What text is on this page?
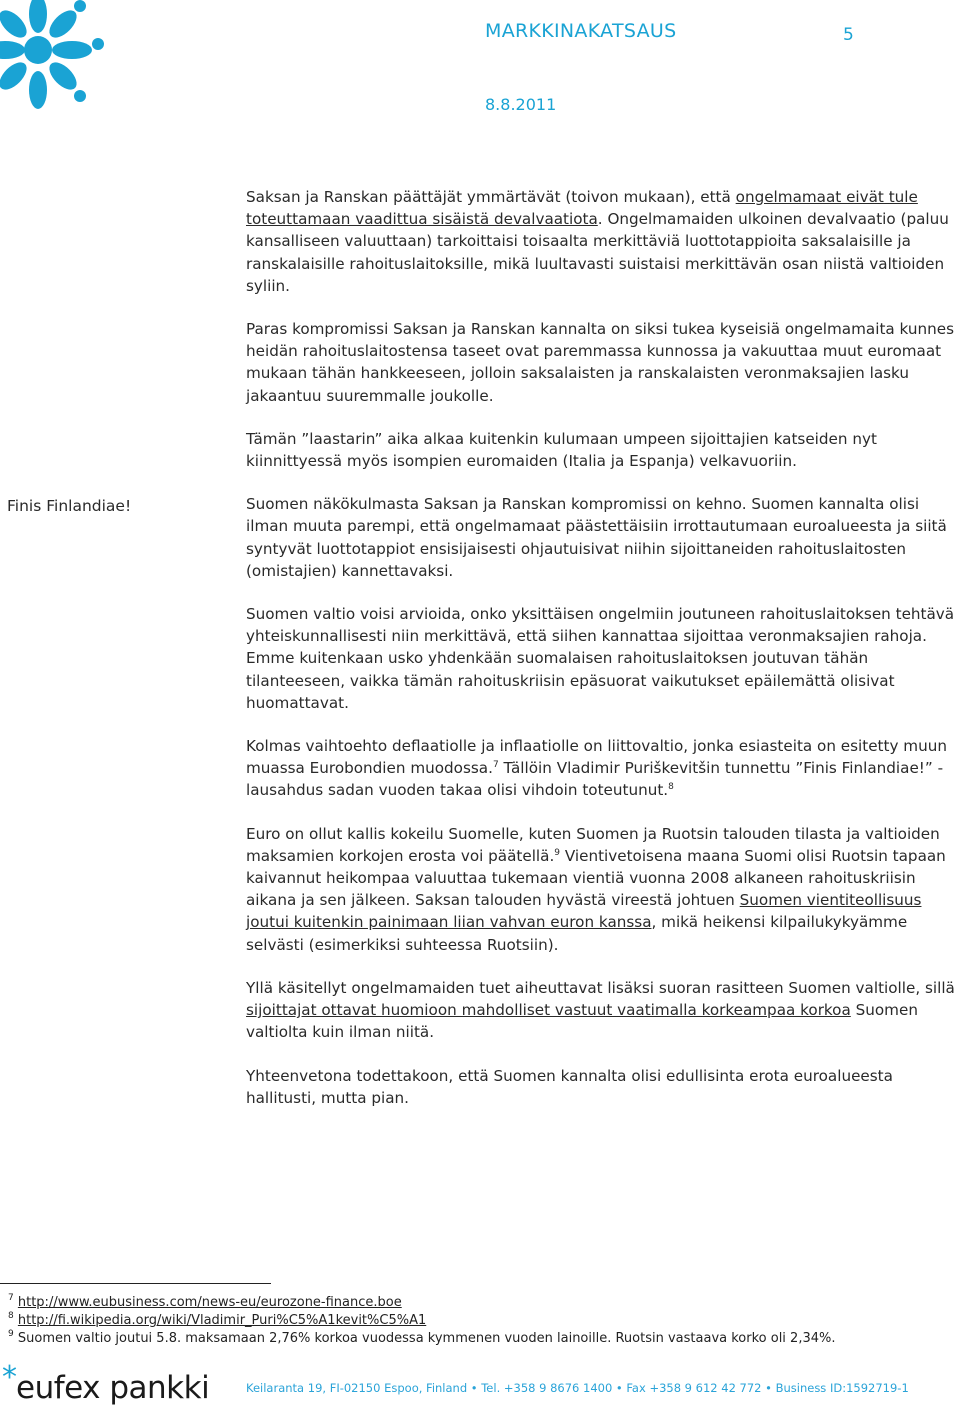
MARKKINAKATSAUS	5
8.8.2011
Finis Finlandiae!

Saksan ja Ranskan päättäjät ymmärtävät (toivon mukaan), että ongelmamaat eivät tule toteuttamaan vaadittua sisäistä devalvaatiota. Ongelmamaiden ulkoinen devalvaatio (paluu kansalliseen valuuttaan) tarkoittaisi toisaalta merkittäviä luottotappioita saksalaisille ja ranskalaisille rahoituslaitoksille, mikä luultavasti suistaisi merkittävän osan niistä valtioiden syliin.

Paras kompromissi Saksan ja Ranskan kannalta on siksi tukea kyseisiä ongelmamaita kunnes heidän rahoituslaitostensa taseet ovat paremmassa kunnossa ja vakuuttaa muut euromaat mukaan tähän hankkeeseen, jolloin saksalaisten ja ranskalaisten veronmaksajien lasku jakaantuu suuremmalle joukolle.

Tämän ”laastarin” aika alkaa kuitenkin kulumaan umpeen sijoittajien katseiden nyt kiinnittyessä myös isompien euromaiden (Italia ja Espanja) velkavuoriin.

Suomen näkökulmasta Saksan ja Ranskan kompromissi on kehno. Suomen kannalta olisi ilman muuta parempi, että ongelmamaat päästettäisiin irrottautumaan euroalueesta ja siitä syntyvät luottotappiot ensisijaisesti ohjautuisivat niihin sijoittaneiden rahoituslaitosten (omistajien) kannettavaksi.

Suomen valtio voisi arvioida, onko yksittäisen ongelmiin joutuneen rahoituslaitoksen tehtävä yhteiskunnallisesti niin merkittävä, että siihen kannattaa sijoittaa veronmaksajien rahoja. Emme kuitenkaan usko yhdenkään suomalaisen rahoituslaitoksen joutuvan tähän tilanteeseen, vaikka tämän rahoituskriisin epäsuorat vaikutukset epäilemättä olisivat huomattavat.

Kolmas vaihtoehto deflaatiolle ja inflaatiolle on liittovaltio, jonka esiasteita on esitetty muun muassa Eurobondien muodossa.$^7$ Tällöin Vladimir Puriškevitšin tunnettu ”Finis Finlandiae!” -lausahdus sadan vuoden takaa olisi vihdoin toteutunut.$^8$

Euro on ollut kallis kokeilu Suomelle, kuten Suomen ja Ruotsin talouden tilasta ja valtioiden maksamien korkojen erosta voi päätellä.$^9$ Vientivetoisena maana Suomi olisi Ruotsin tapaan kaivannut heikompaa valuuttaa tukemaan vientiä vuonna 2008 alkaneen rahoituskriisin aikana ja sen jälkeen. Saksan talouden hyvästä vireestä johtuen Suomen vientiteollisuus joutui kuitenkin painimaan liian vahvan euron kanssa, mikä heikensi kilpailukykyämme selvästi (esimerkiksi suhteessa Ruotsiin).

Yllä käsitellyt ongelmamaiden tuet aiheuttavat lisäksi suoran rasitteen Suomen valtiolle, sillä sijoittajat ottavat huomioon mahdolliset vastuut vaatimalla korkeampaa korkoa Suomen valtiolta kuin ilman niitä.

Yhteenvetona todettakoon, että Suomen kannalta olisi edullisinta erota euroalueesta hallitusti, mutta pian.

$^7$ http://www.eubusiness.com/news-eu/eurozone-finance.boe
$^8$ http://fi.wikipedia.org/wiki/Vladimir_Puri%C5%A1kevit%C5%A1
$^9$ Suomen valtio joutui 5.8. maksamaan 2,76% korkoa vuodessa kymmenen vuoden lainoille. Ruotsin vastaava korko oli 2,34%.
* eufex pankki	Keilaranta 19, FI-02150 Espoo, Finland • Tel. +358 9 8676 1400 • Fax +358 9 612 42 772 • Business ID:1592719-1
